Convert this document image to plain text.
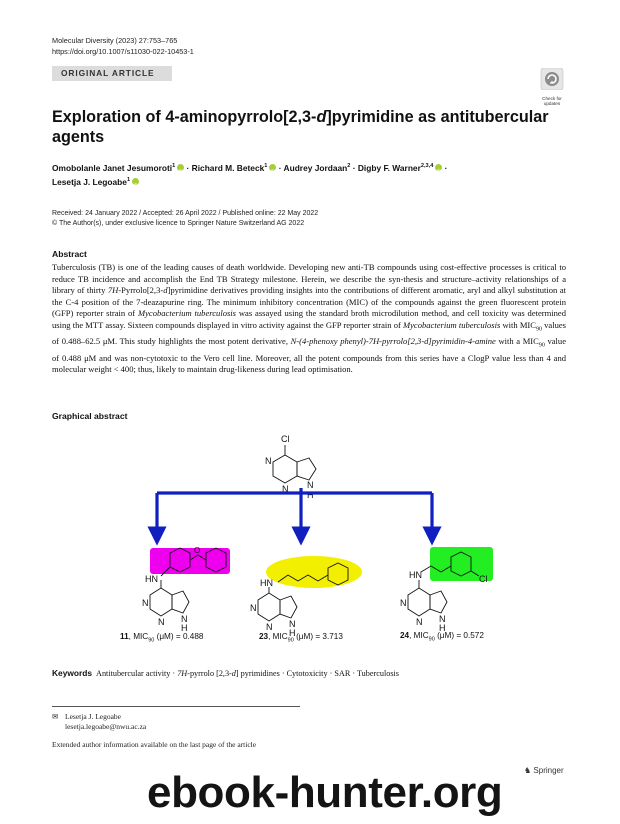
Molecular Diversity (2023) 27:753–765
https://doi.org/10.1007/s11030-022-10453-1
ORIGINAL ARTICLE
Check for updates
Exploration of 4-aminopyrrolo[2,3-d]pyrimidine as antitubercular
agents
Omobolanle Janet Jesumoroti$^1$iD · Richard M. Beteck$^1$iD · Audrey Jordaan$^2$ · Digby F. Warner$^{2,3,4}$iD ·
Lesetja J. Legoabe$^1$iD
Received: 24 January 2022 / Accepted: 26 April 2022 / Published online: 22 May 2022
© The Author(s), under exclusive licence to Springer Nature Switzerland AG 2022
Abstract
Tuberculosis (TB) is one of the leading causes of death worldwide. Developing new anti-TB compounds using cost-effective processes is critical to reduce TB incidence and accomplish the End TB Strategy milestone. Herein, we describe the syn-thesis and structure–activity relationships of a library of thirty 7H-Pyrrolo[2,3-d]pyrimidine derivatives providing insights into the contributions of different aromatic, aryl and alkyl substitution at the C-4 position of the 7-deazapurine ring. The minimum inhibitory concentration (MIC) of the compounds against the green fluorescent protein (GFP) reporter strain of Mycobacterium tuberculosis was assayed using the standard broth microdilution method, and cell toxicity was determined using the MTT assay. Sixteen compounds displayed in vitro activity against the GFP reporter strain of Mycobacterium tuberculosis with $MIC_{90}$ values of 0.488–62.5 μM. This study highlights the most potent derivative, N-(4-phenoxy phenyl)-7H-pyrrolo[2,3-d]pyrimidin-4-amine with a $MIC_{90}$ value of 0.488 μM and was non-cytotoxic to the Vero cell line. Moreover, all the potent compounds from this series have a ClogP value less than 4 and molecular weight < 400; thus, likely to maintain drug-likeness during lead optimisation.
Graphical abstract
Cl
N
N N
H
O
HN
N
N N
H
HN
N
N N
H
Cl
HN
N
N N
H
11, $MIC_{90}$ (μM) = 0.488	23, $MIC_{90}$ (μM) = 3.713	24, $MIC_{90}$ (μM) = 0.572
Keywords Antitubercular activity · 7H-pyrrolo [2,3-d] pyrimidines · Cytotoxicity · SAR · Tuberculosis
✉ Lesetja J. Legoabe
lesetja.legoabe@nwu.ac.za
Extended author information available on the last page of the article
♞ Springer
ebook-hunter.org
